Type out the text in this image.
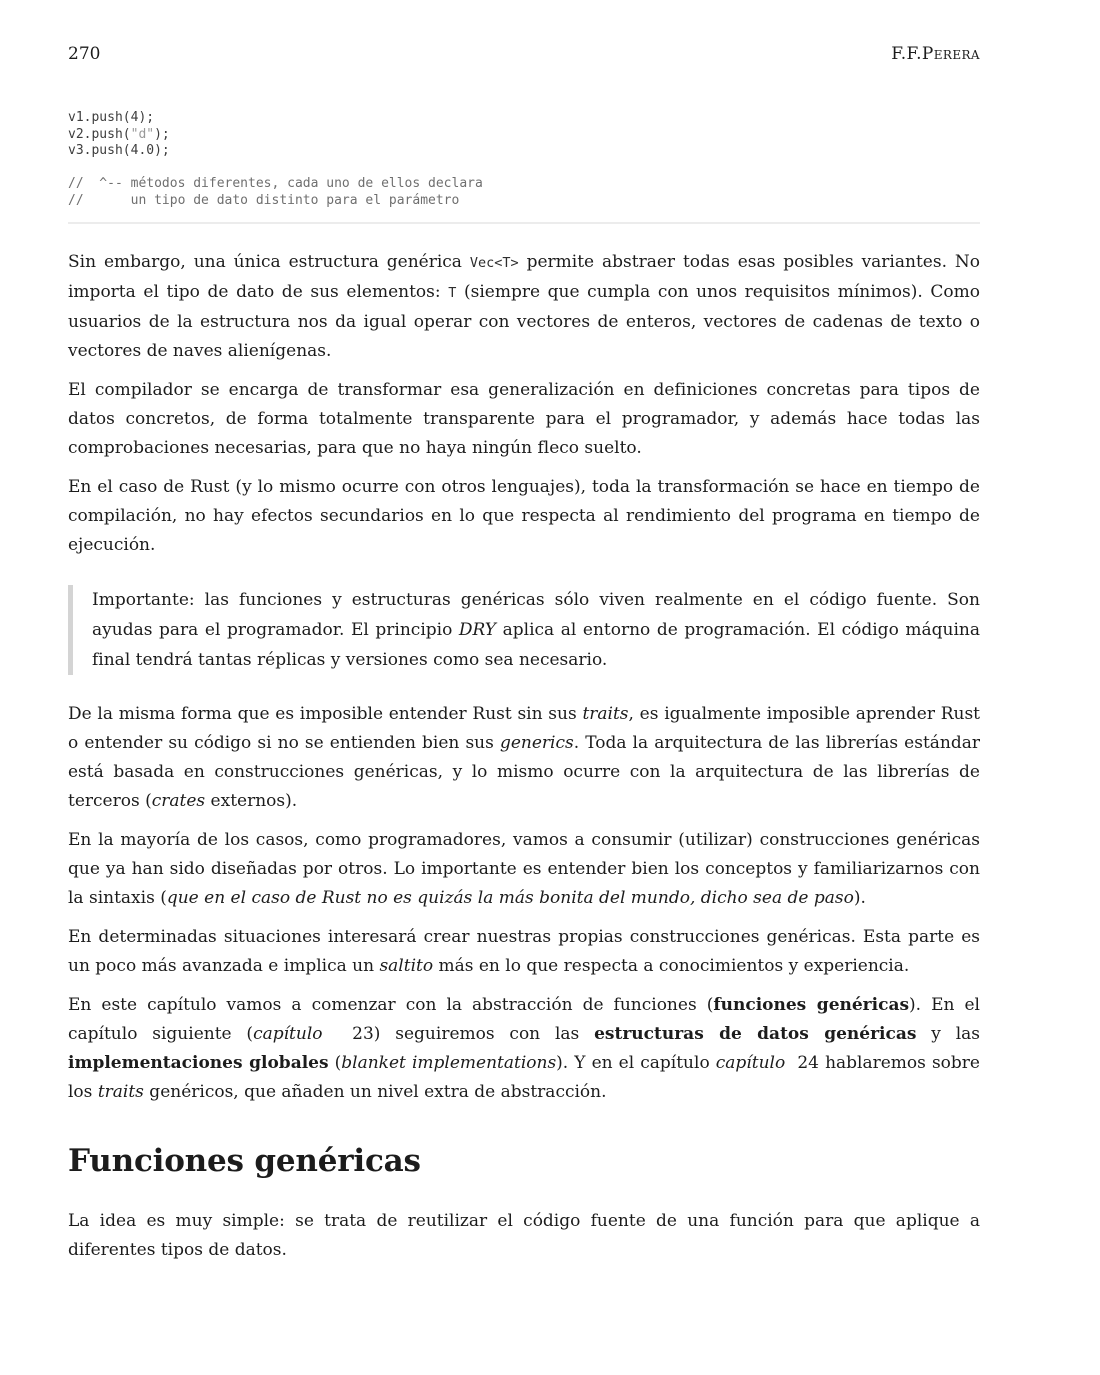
270	F.F.Perera
v1.push(4);
v2.push("d");
v3.push(4.0);

//  ^-- métodos diferentes, cada uno de ellos declara
//      un tipo de dato distinto para el parámetro

Sin embargo, una única estructura genérica Vec<T> permite abstraer todas esas posibles variantes. No importa el tipo de dato de sus elementos: T (siempre que cumpla con unos requisitos mínimos). Como usuarios de la estructura nos da igual operar con vectores de enteros, vectores de cadenas de texto o vectores de naves alienígenas.

El compilador se encarga de transformar esa generalización en definiciones concretas para tipos de datos concretos, de forma totalmente transparente para el programador, y además hace todas las comprobaciones necesarias, para que no haya ningún fleco suelto.

En el caso de Rust (y lo mismo ocurre con otros lenguajes), toda la transformación se hace en tiempo de compilación, no hay efectos secundarios en lo que respecta al rendimiento del programa en tiempo de ejecución.

Importante: las funciones y estructuras genéricas sólo viven realmente en el código fuente. Son ayudas para el programador. El principio DRY aplica al entorno de programación. El código máquina final tendrá tantas réplicas y versiones como sea necesario.

De la misma forma que es imposible entender Rust sin sus traits, es igualmente imposible aprender Rust o entender su código si no se entienden bien sus generics. Toda la arquitectura de las librerías estándar está basada en construcciones genéricas, y lo mismo ocurre con la arquitectura de las librerías de terceros (crates externos).

En la mayoría de los casos, como programadores, vamos a consumir (utilizar) construcciones genéricas que ya han sido diseñadas por otros. Lo importante es entender bien los conceptos y familiarizarnos con la sintaxis (que en el caso de Rust no es quizás la más bonita del mundo, dicho sea de paso).

En determinadas situaciones interesará crear nuestras propias construcciones genéricas. Esta parte es un poco más avanzada e implica un saltito más en lo que respecta a conocimientos y experiencia.

En este capítulo vamos a comenzar con la abstracción de funciones (funciones genéricas). En el capítulo siguiente (capítulo  23) seguiremos con las estructuras de datos genéricas y las implementaciones globales (blanket implementations). Y en el capítulo capítulo  24 hablaremos sobre los traits genéricos, que añaden un nivel extra de abstracción.

Funciones genéricas

La idea es muy simple: se trata de reutilizar el código fuente de una función para que aplique a diferentes tipos de datos.
